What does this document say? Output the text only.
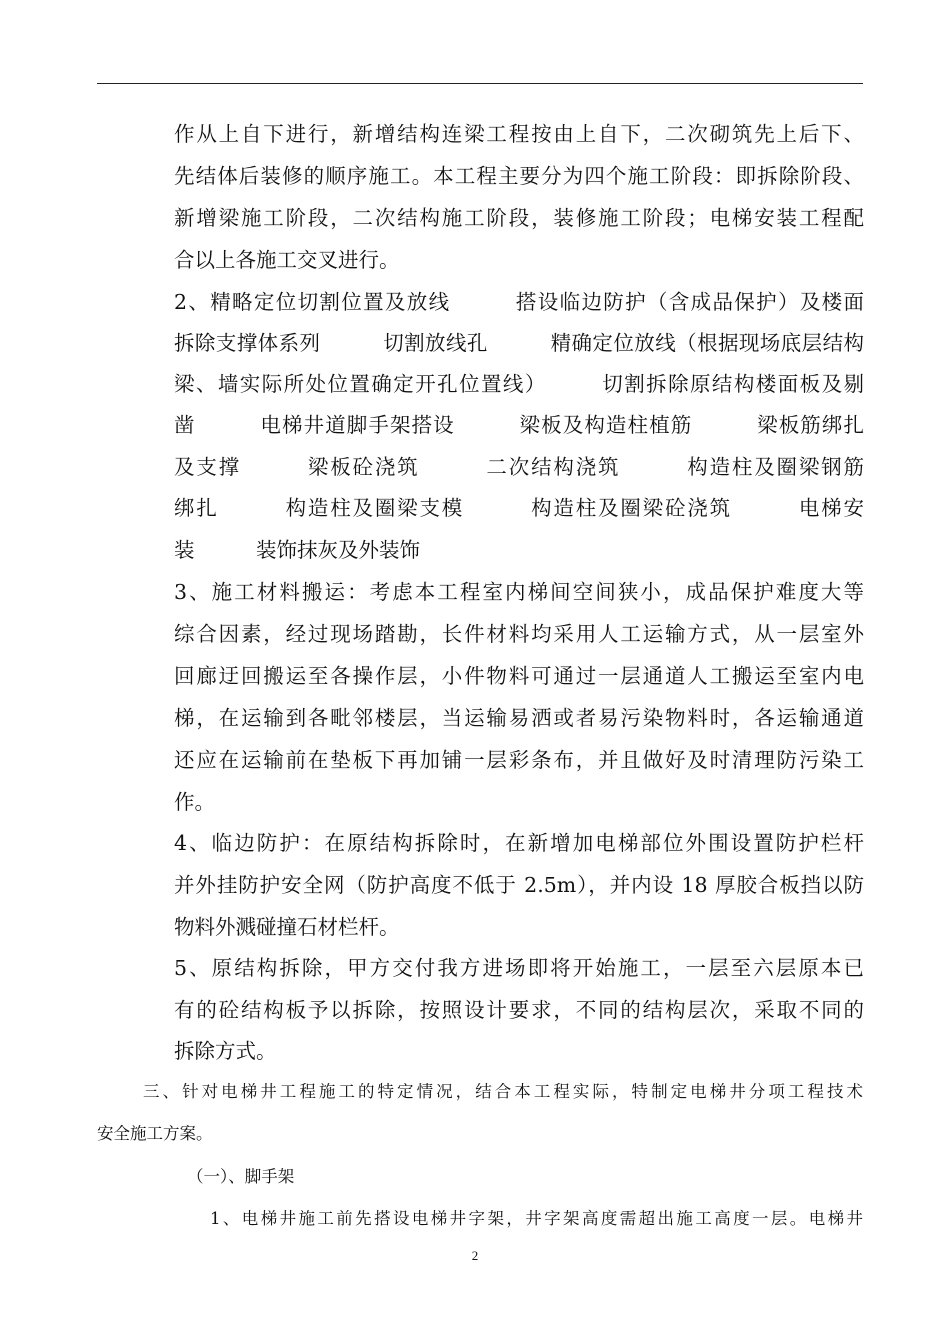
作从上自下进行，新增结构连梁工程按由上自下，二次砌筑先上后下、

先结体后装修的顺序施工。本工程主要分为四个施工阶段：即拆除阶段、

新增梁施工阶段，二次结构施工阶段，装修施工阶段；电梯安装工程配

合以上各施工交叉进行。

2、精略定位切割位置及放线　　　搭设临边防护（含成品保护）及楼面

拆除支撑体系列　　　切割放线孔　　　精确定位放线（根据现场底层结构

梁、墙实际所处位置确定开孔位置线）　　　切割拆除原结构楼面板及剔

凿　　　电梯井道脚手架搭设　　　梁板及构造柱植筋　　　梁板筋绑扎

及支撑　　　梁板砼浇筑　　　二次结构浇筑　　　构造柱及圈梁钢筋

绑扎　　　构造柱及圈梁支模　　　构造柱及圈梁砼浇筑　　　电梯安

装　　　装饰抹灰及外装饰

3、施工材料搬运：考虑本工程室内梯间空间狭小，成品保护难度大等

综合因素，经过现场踏勘，长件材料均采用人工运输方式，从一层室外

回廊迂回搬运至各操作层，小件物料可通过一层通道人工搬运至室内电

梯，在运输到各毗邻楼层，当运输易洒或者易污染物料时，各运输通道

还应在运输前在垫板下再加铺一层彩条布，并且做好及时清理防污染工

作。

4、临边防护：在原结构拆除时，在新增加电梯部位外围设置防护栏杆

并外挂防护安全网（防护高度不低于 2.5m），并内设 18 厚胶合板挡以防

物料外溅碰撞石材栏杆。

5、原结构拆除，甲方交付我方进场即将开始施工，一层至六层原本已

有的砼结构板予以拆除，按照设计要求，不同的结构层次，采取不同的

拆除方式。

三、针对电梯井工程施工的特定情况，结合本工程实际，特制定电梯井分项工程技术

安全施工方案。

（一）、脚手架

1、电梯井施工前先搭设电梯井字架，井字架高度需超出施工高度一层。电梯井

2
